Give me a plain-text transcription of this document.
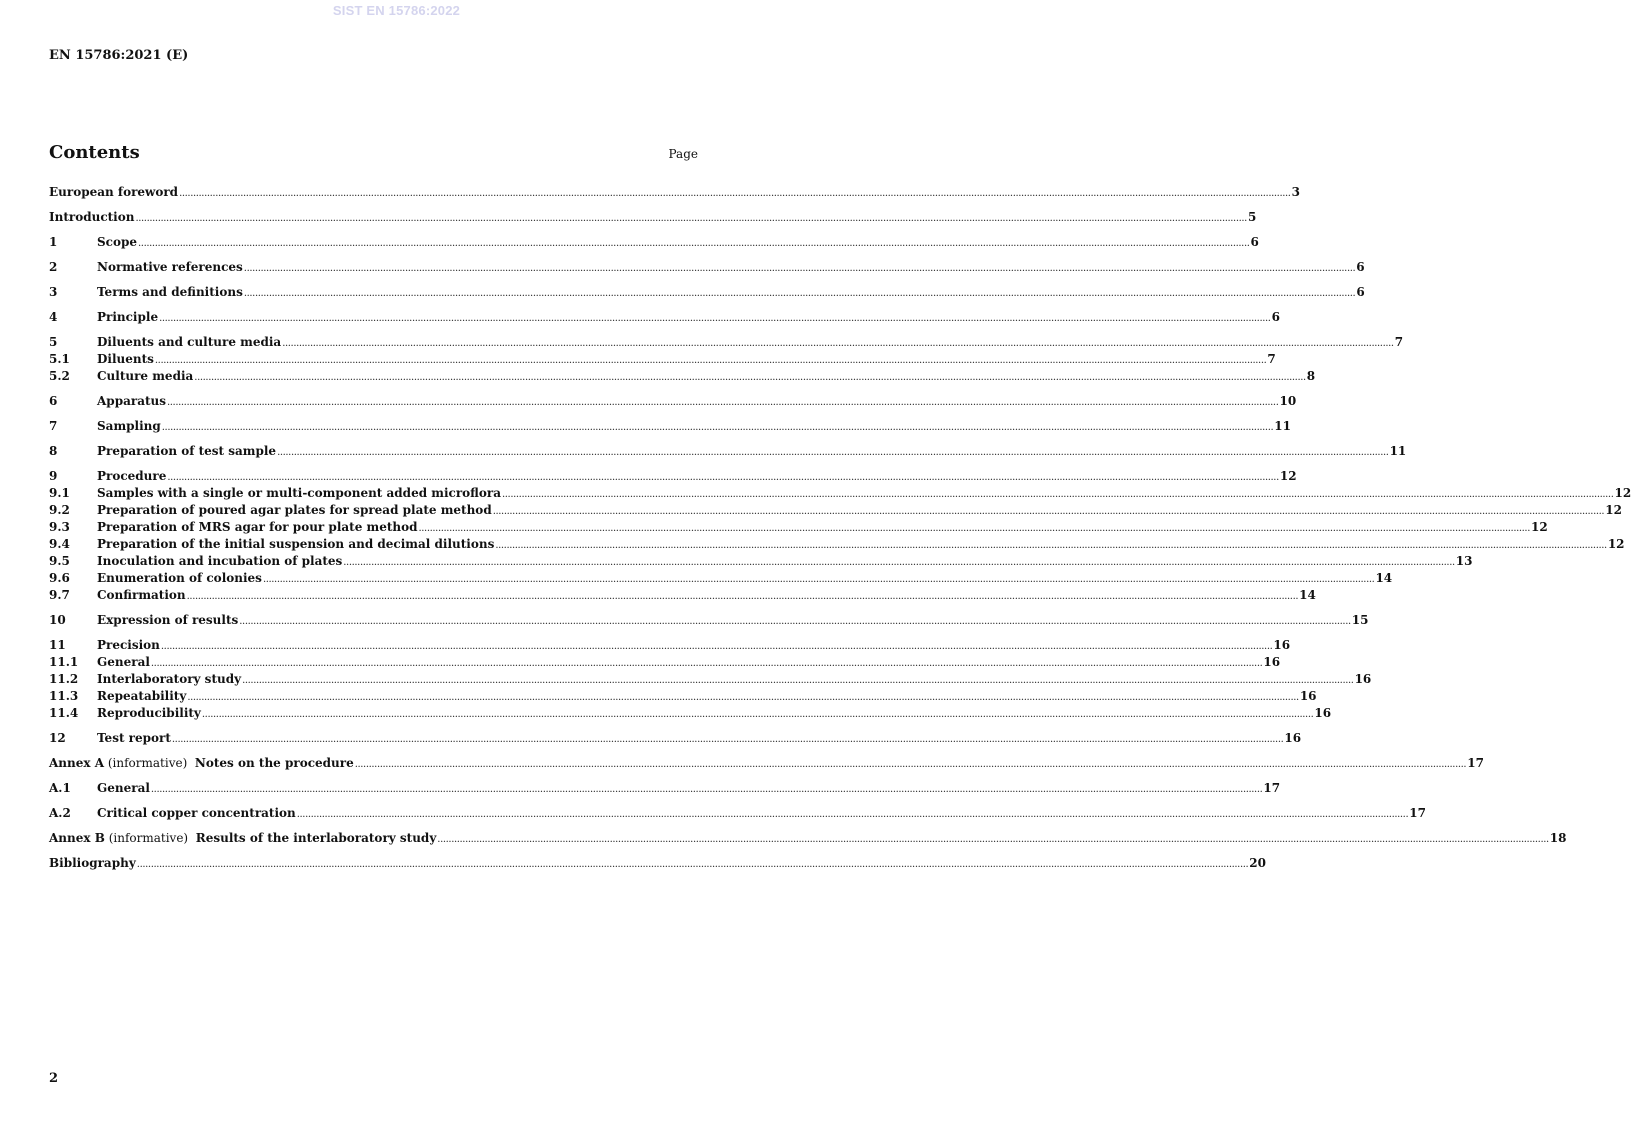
SIST EN 15786:2022
EN 15786:2021 (E)
Contents	Page
European foreword ................................................................................................................................................................................................................................................................................................................................................................................................................ 3
Introduction ................................................................................................................................................................................................................................................................................................................................................................................................................ 5
1	Scope ................................................................................................................................................................................................................................................................................................................................................................................................................ 6
2	Normative references ................................................................................................................................................................................................................................................................................................................................................................................................................ 6
3	Terms and definitions ................................................................................................................................................................................................................................................................................................................................................................................................................ 6
4	Principle ................................................................................................................................................................................................................................................................................................................................................................................................................ 6
5	Diluents and culture media ................................................................................................................................................................................................................................................................................................................................................................................................................ 7
5.1	Diluents ................................................................................................................................................................................................................................................................................................................................................................................................................ 7
5.2	Culture media ................................................................................................................................................................................................................................................................................................................................................................................................................ 8
6	Apparatus ................................................................................................................................................................................................................................................................................................................................................................................................................ 10
7	Sampling ................................................................................................................................................................................................................................................................................................................................................................................................................ 11
8	Preparation of test sample ................................................................................................................................................................................................................................................................................................................................................................................................................ 11
9	Procedure ................................................................................................................................................................................................................................................................................................................................................................................................................ 12
9.1	Samples with a single or multi-component added microflora ................................................................................................................................................................................................................................................................................................................................................................................................................ 12
9.2	Preparation of poured agar plates for spread plate method ................................................................................................................................................................................................................................................................................................................................................................................................................ 12
9.3	Preparation of MRS agar for pour plate method ................................................................................................................................................................................................................................................................................................................................................................................................................ 12
9.4	Preparation of the initial suspension and decimal dilutions ................................................................................................................................................................................................................................................................................................................................................................................................................ 12
9.5	Inoculation and incubation of plates ................................................................................................................................................................................................................................................................................................................................................................................................................ 13
9.6	Enumeration of colonies ................................................................................................................................................................................................................................................................................................................................................................................................................ 14
9.7	Confirmation ................................................................................................................................................................................................................................................................................................................................................................................................................ 14
10	Expression of results ................................................................................................................................................................................................................................................................................................................................................................................................................ 15
11	Precision ................................................................................................................................................................................................................................................................................................................................................................................................................ 16
11.1	General ................................................................................................................................................................................................................................................................................................................................................................................................................ 16
11.2	Interlaboratory study ................................................................................................................................................................................................................................................................................................................................................................................................................ 16
11.3	Repeatability ................................................................................................................................................................................................................................................................................................................................................................................................................ 16
11.4	Reproducibility ................................................................................................................................................................................................................................................................................................................................................................................................................ 16
12	Test report ................................................................................................................................................................................................................................................................................................................................................................................................................ 16
Annex A (informative) Notes on the procedure ................................................................................................................................................................................................................................................................................................................................................................................................................ 17
A.1	General ................................................................................................................................................................................................................................................................................................................................................................................................................ 17
A.2	Critical copper concentration ................................................................................................................................................................................................................................................................................................................................................................................................................ 17
Annex B (informative) Results of the interlaboratory study ................................................................................................................................................................................................................................................................................................................................................................................................................ 18
Bibliography ................................................................................................................................................................................................................................................................................................................................................................................................................ 20
2
